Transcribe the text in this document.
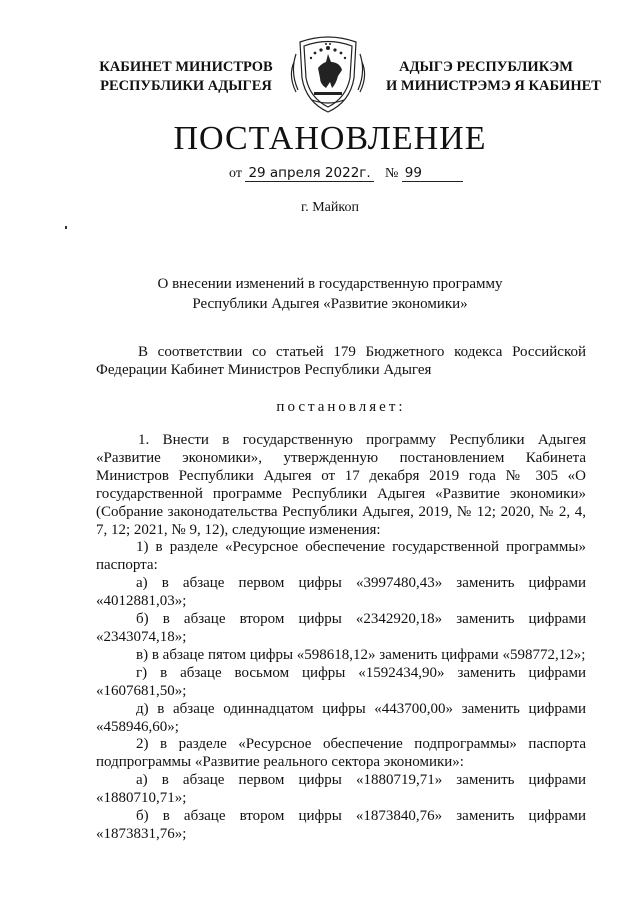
КАБИНЕТ МИНИСТРОВ
РЕСПУБЛИКИ АДЫГЕЯ
АДЫГЭ РЕСПУБЛИКЭМ
И МИНИСТРЭМЭ Я КАБИНЕТ
ПОСТАНОВЛЕНИЕ
от 29 апреля 2022г. № 99
г. Майкоп
О внесении изменений в государственную программу
Республики Адыгея «Развитие экономики»
В соответствии со статьей 179 Бюджетного кодекса Российской Федерации Кабинет Министров Республики Адыгея
постановляет:
1. Внести в государственную программу Республики Адыгея «Развитие экономики», утвержденную постановлением Кабинета Министров Республики Адыгея от 17 декабря 2019 года № 305 «О государственной программе Республики Адыгея «Развитие экономики» (Собрание законодательства Республики Адыгея, 2019, № 12; 2020, № 2, 4, 7, 12; 2021, № 9, 12), следующие изменения:
1) в разделе «Ресурсное обеспечение государственной программы» паспорта:
а) в абзаце первом цифры «3997480,43» заменить цифрами «4012881,03»;
б) в абзаце втором цифры «2342920,18» заменить цифрами «2343074,18»;
в) в абзаце пятом цифры «598618,12» заменить цифрами «598772,12»;
г) в абзаце восьмом цифры «1592434,90» заменить цифрами «1607681,50»;
д) в абзаце одиннадцатом цифры «443700,00» заменить цифрами «458946,60»;
2) в разделе «Ресурсное обеспечение подпрограммы» паспорта подпрограммы «Развитие реального сектора экономики»:
а) в абзаце первом цифры «1880719,71» заменить цифрами «1880710,71»;
б) в абзаце втором цифры «1873840,76» заменить цифрами «1873831,76»;
